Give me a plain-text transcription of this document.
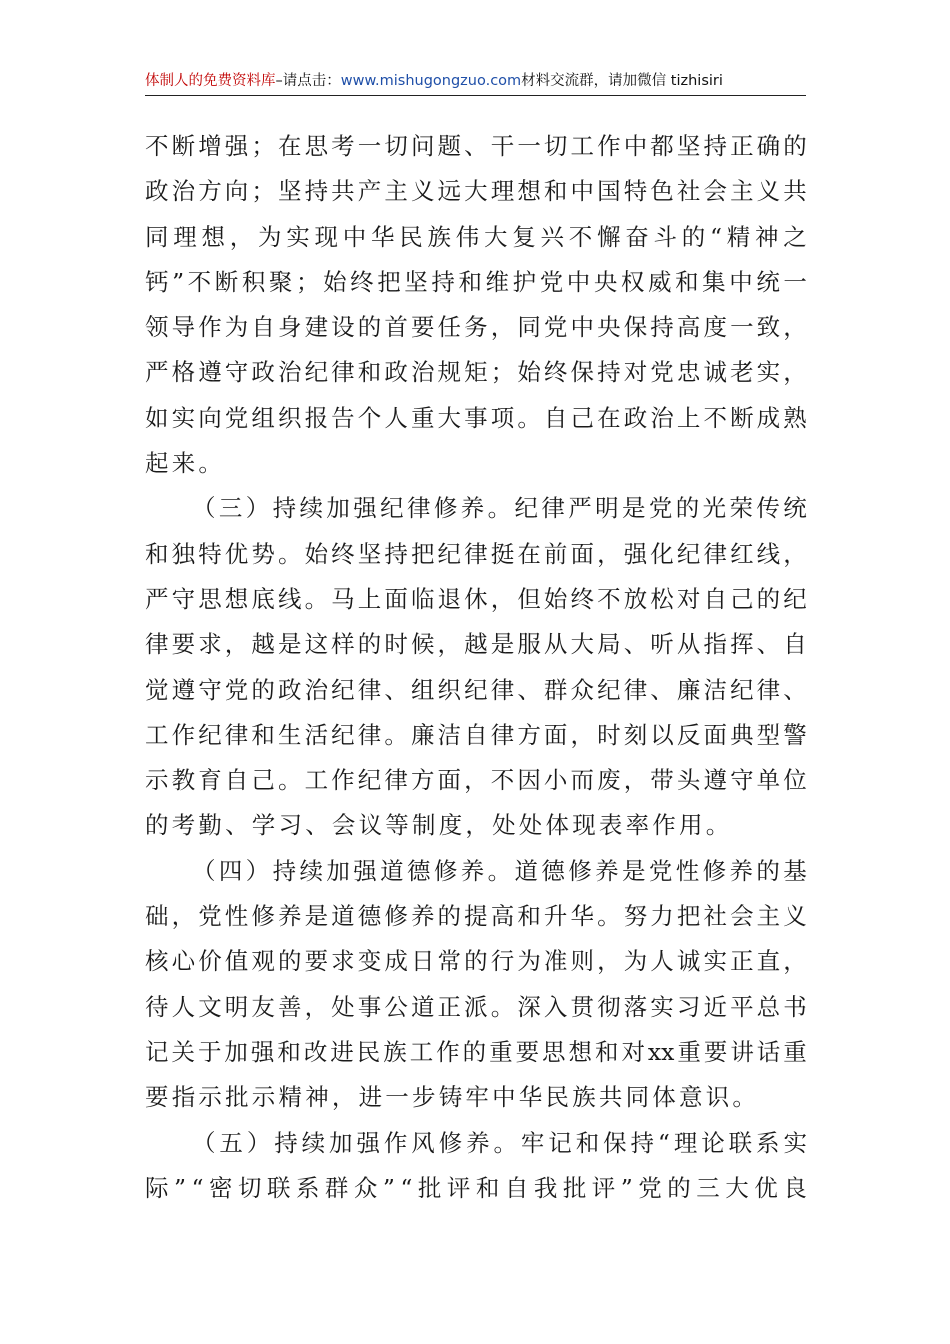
体制人的免费资料库–请点击：www.mishugongzuo.com材料交流群，请加微信 tizhisiri
不 断 增 强 ； 在 思 考 一 切 问 题 、 干 一 切 工 作 中 都 坚 持 正 确 的
政 治 方 向 ； 坚 持 共 产 主 义 远 大 理 想 和 中 国 特 色 社 会 主 义 共
同 理 想 ， 为 实 现 中 华 民 族 伟 大 复 兴 不 懈 奋 斗 的 “ 精 神 之
钙 ” 不 断 积 聚 ； 始 终 把 坚 持 和 维 护 党 中 央 权 威 和 集 中 统 一
领 导 作 为 自 身 建 设 的 首 要 任 务 ， 同 党 中 央 保 持 高 度 一 致 ，
严 格 遵 守 政 治 纪 律 和 政 治 规 矩 ； 始 终 保 持 对 党 忠 诚 老 实 ，
如 实 向 党 组 织 报 告 个 人 重 大 事 项 。 自 己 在 政 治 上 不 断 成 熟
起来。
（ 三 ） 持 续 加 强 纪 律 修 养 。 纪 律 严 明 是 党 的 光 荣 传 统
和 独 特 优 势 。 始 终 坚 持 把 纪 律 挺 在 前 面 ， 强 化 纪 律 红 线 ，
严 守 思 想 底 线 。 马 上 面 临 退 休 ， 但 始 终 不 放 松 对 自 己 的 纪
律 要 求 ， 越 是 这 样 的 时 候 ， 越 是 服 从 大 局 、 听 从 指 挥 、 自
觉 遵 守 党 的 政 治 纪 律 、 组 织 纪 律 、 群 众 纪 律 、 廉 洁 纪 律 、
工 作 纪 律 和 生 活 纪 律 。 廉 洁 自 律 方 面 ， 时 刻 以 反 面 典 型 警
示 教 育 自 己 。 工 作 纪 律 方 面 ， 不 因 小 而 废 ， 带 头 遵 守 单 位
的考勤、学习、会议等制度，处处体现表率作用。
（ 四 ） 持 续 加 强 道 德 修 养 。 道 德 修 养 是 党 性 修 养 的 基
础 ， 党 性 修 养 是 道 德 修 养 的 提 高 和 升 华 。 努 力 把 社 会 主 义
核 心 价 值 观 的 要 求 变 成 日 常 的 行 为 准 则 ， 为 人 诚 实 正 直 ，
待 人 文 明 友 善 ， 处 事 公 道 正 派 。 深 入 贯 彻 落 实 习 近 平 总 书
记 关 于 加 强 和 改 进 民 族 工 作 的 重 要 思 想 和 对 xx 重 要 讲 话 重
要指示批示精神，进一步铸牢中华民族共同体意识。
（ 五 ） 持 续 加 强 作 风 修 养 。 牢 记 和 保 持 “ 理 论 联 系 实
际 ” “ 密 切 联 系 群 众 ” “ 批 评 和 自 我 批 评 ” 党 的 三 大 优 良
